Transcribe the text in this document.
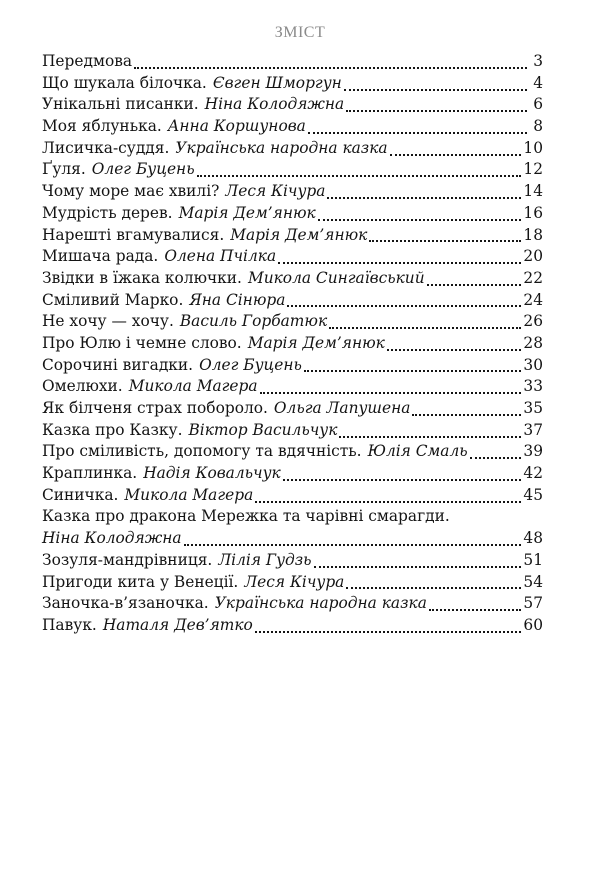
ЗМІСТ
Передмова	3
Що шукала білочка. Євген Шморгун	4
Унікальні писанки. Ніна Колодяжна	6
Моя яблунька. Анна Коршунова	8
Лисичка-суддя. Українська народна казка	10
Ґуля. Олег Буцень	12
Чому море має хвилі? Леся Кічура	14
Мудрість дерев. Марія Дем’янюк	16
Нарешті вгамувалися. Марія Дем’янюк	18
Мишача рада. Олена Пчілка	20
Звідки в їжака колючки. Микола Сингаївський	22
Сміливий Марко. Яна Сінюра	24
Не хочу — хочу. Василь Горбатюк	26
Про Юлю і чемне слово. Марія Дем’янюк	28
Сорочині вигадки. Олег Буцень	30
Омелюхи. Микола Магера	33
Як білченя страх побороло. Ольга Лапушена	35
Казка про Казку. Віктор Васильчук	37
Про сміливість, допомогу та вдячність. Юлія Смаль	39
Краплинка. Надія Ковальчук	42
Синичка. Микола Магера	45
Казка про дракона Мережка та чарівні смарагди.
Ніна Колодяжна	48
Зозуля-мандрівниця. Лілія Гудзь	51
Пригоди кита у Венеції. Леся Кічура	54
Заночка-в’язаночка. Українська народна казка	57
Павук. Наталя Дев’ятко	60
